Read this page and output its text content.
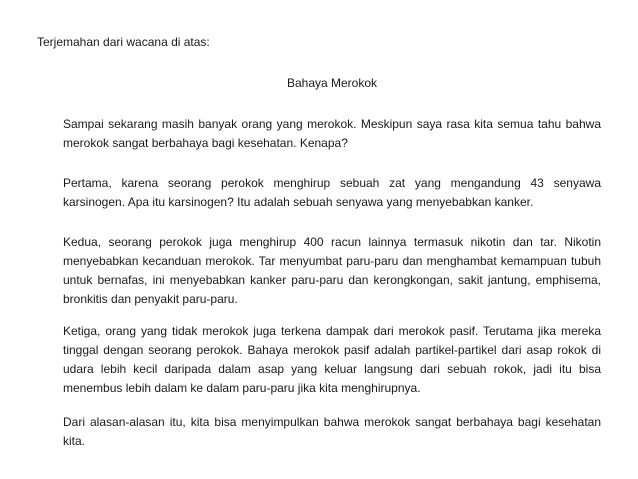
Terjemahan dari wacana di atas:
Bahaya Merokok

Sampai sekarang masih banyak orang yang merokok. Meskipun saya rasa kita semua tahu bahwa merokok sangat berbahaya bagi kesehatan. Kenapa?

Pertama, karena seorang perokok menghirup sebuah zat yang mengandung 43 senyawa karsinogen. Apa itu karsinogen? Itu adalah sebuah senyawa yang menyebabkan kanker.

Kedua, seorang perokok juga menghirup 400 racun lainnya termasuk nikotin dan tar. Nikotin menyebabkan kecanduan merokok. Tar menyumbat paru-paru dan menghambat kemampuan tubuh untuk bernafas, ini menyebabkan kanker paru-paru dan kerongkongan, sakit jantung, emphisema, bronkitis dan penyakit paru-paru.

Ketiga, orang yang tidak merokok juga terkena dampak dari merokok pasif. Terutama jika mereka tinggal dengan seorang perokok. Bahaya merokok pasif adalah partikel-partikel dari asap rokok di udara lebih kecil daripada dalam asap yang keluar langsung dari sebuah rokok, jadi itu bisa menembus lebih dalam ke dalam paru-paru jika kita menghirupnya.

Dari alasan-alasan itu, kita bisa menyimpulkan bahwa merokok sangat berbahaya bagi kesehatan kita.
